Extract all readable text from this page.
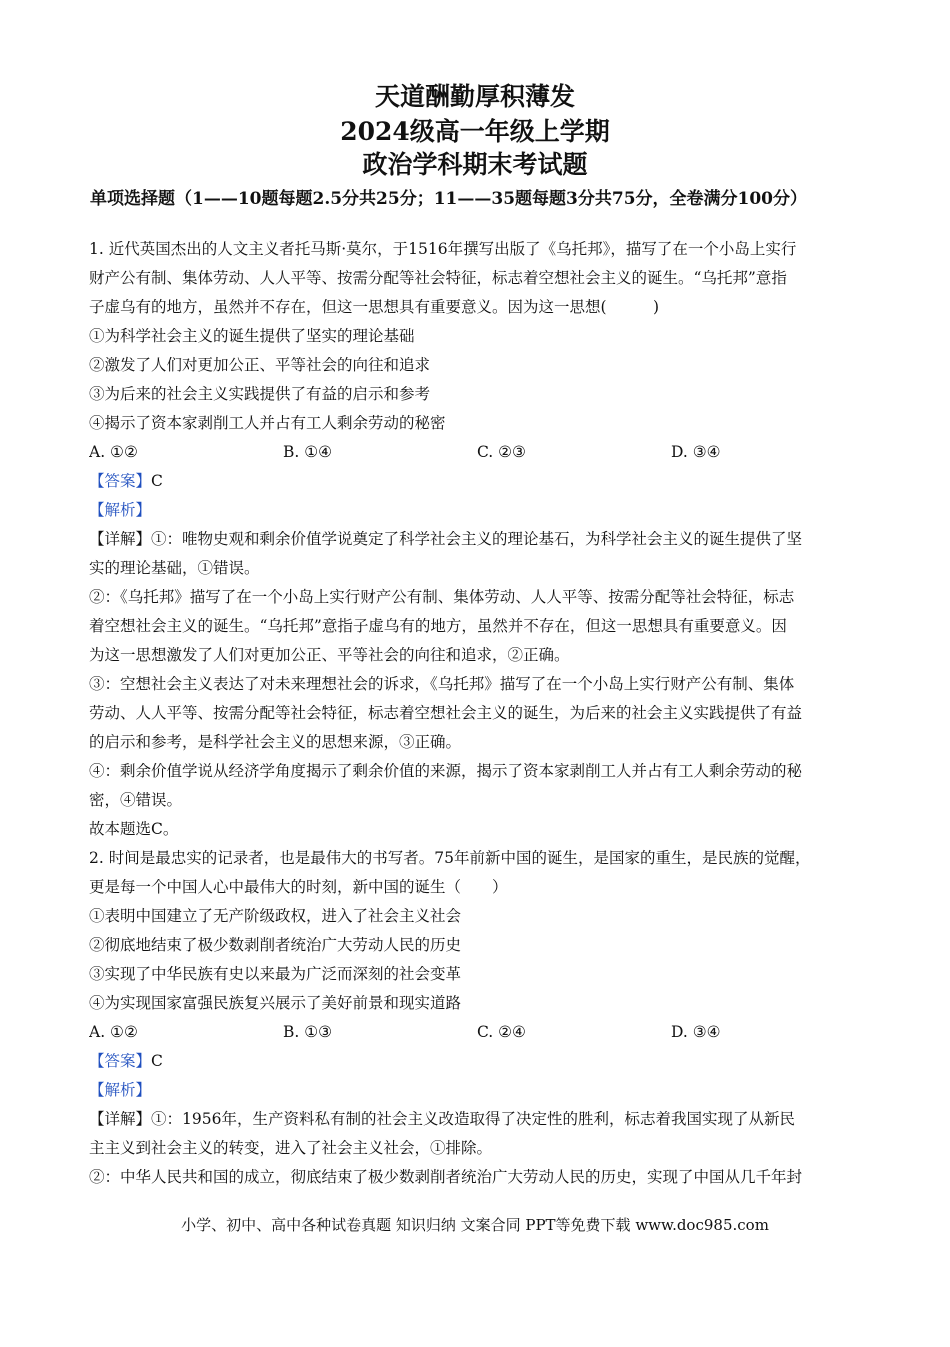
天道酬勤厚积薄发
2024级高一年级上学期
政治学科期末考试题
单项选择题（1——10题每题2.5分共25分；11——35题每题3分共75分，全卷满分100分）

1. 近代英国杰出的人文主义者托马斯·莫尔，于1516年撰写出版了《乌托邦》，描写了在一个小岛上实行

财产公有制、集体劳动、人人平等、按需分配等社会特征，标志着空想社会主义的诞生。“乌托邦”意指

子虚乌有的地方，虽然并不存在，但这一思想具有重要意义。因为这一思想(　　　)

①为科学社会主义的诞生提供了坚实的理论基础

②激发了人们对更加公正、平等社会的向往和追求

③为后来的社会主义实践提供了有益的启示和参考

④揭示了资本家剥削工人并占有工人剩余劳动的秘密

A. ①②	B. ①④	C. ②③	D. ③④

【答案】C

【解析】

【详解】①：唯物史观和剩余价值学说奠定了科学社会主义的理论基石，为科学社会主义的诞生提供了坚

实的理论基础，①错误。

②：《乌托邦》描写了在一个小岛上实行财产公有制、集体劳动、人人平等、按需分配等社会特征，标志

着空想社会主义的诞生。“乌托邦”意指子虚乌有的地方，虽然并不存在，但这一思想具有重要意义。因

为这一思想激发了人们对更加公正、平等社会的向往和追求，②正确。

③：空想社会主义表达了对未来理想社会的诉求，《乌托邦》描写了在一个小岛上实行财产公有制、集体

劳动、人人平等、按需分配等社会特征，标志着空想社会主义的诞生，为后来的社会主义实践提供了有益

的启示和参考，是科学社会主义的思想来源，③正确。

④：剩余价值学说从经济学角度揭示了剩余价值的来源，揭示了资本家剥削工人并占有工人剩余劳动的秘

密，④错误。

故本题选C。

2. 时间是最忠实的记录者，也是最伟大的书写者。75年前新中国的诞生，是国家的重生，是民族的觉醒，

更是每一个中国人心中最伟大的时刻，新中国的诞生（　　）

①表明中国建立了无产阶级政权，进入了社会主义社会

②彻底地结束了极少数剥削者统治广大劳动人民的历史

③实现了中华民族有史以来最为广泛而深刻的社会变革

④为实现国家富强民族复兴展示了美好前景和现实道路

A. ①②	B. ①③	C. ②④	D. ③④

【答案】C

【解析】

【详解】①：1956年，生产资料私有制的社会主义改造取得了决定性的胜利，标志着我国实现了从新民

主主义到社会主义的转变，进入了社会主义社会，①排除。

②：中华人民共和国的成立，彻底结束了极少数剥削者统治广大劳动人民的历史，实现了中国从几千年封

小学、初中、高中各种试卷真题 知识归纳 文案合同 PPT等免费下载 www.doc985.com
